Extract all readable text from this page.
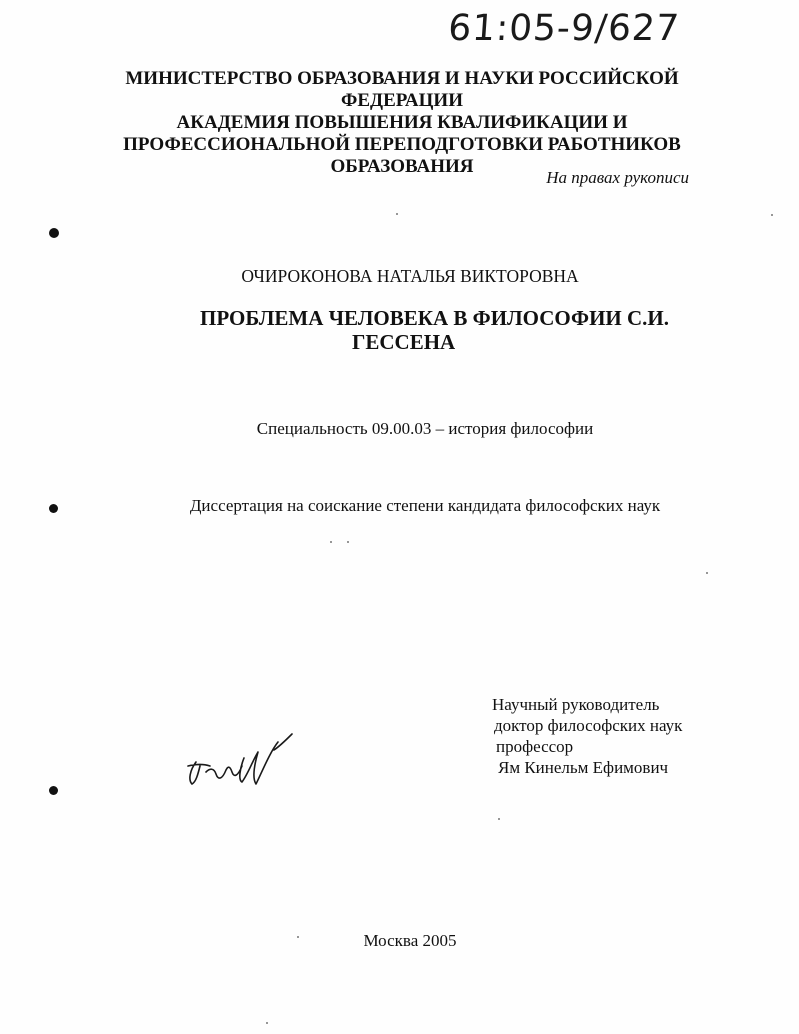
61:05-9/627
МИНИСТЕРСТВО ОБРАЗОВАНИЯ И НАУКИ РОССИЙСКОЙ
ФЕДЕРАЦИИ
АКАДЕМИЯ ПОВЫШЕНИЯ КВАЛИФИКАЦИИ И
ПРОФЕССИОНАЛЬНОЙ ПЕРЕПОДГОТОВКИ РАБОТНИКОВ
ОБРАЗОВАНИЯ
На правах рукописи
ОЧИРОКОНОВА НАТАЛЬЯ ВИКТОРОВНА
ПРОБЛЕМА ЧЕЛОВЕКА В ФИЛОСОФИИ С.И.
ГЕССЕНА
Специальность 09.00.03 – история философии
Диссертация на соискание степени кандидата философских наук
Научный руководитель
доктор философских наук
профессор
Ям Кинельм Ефимович
Москва 2005
